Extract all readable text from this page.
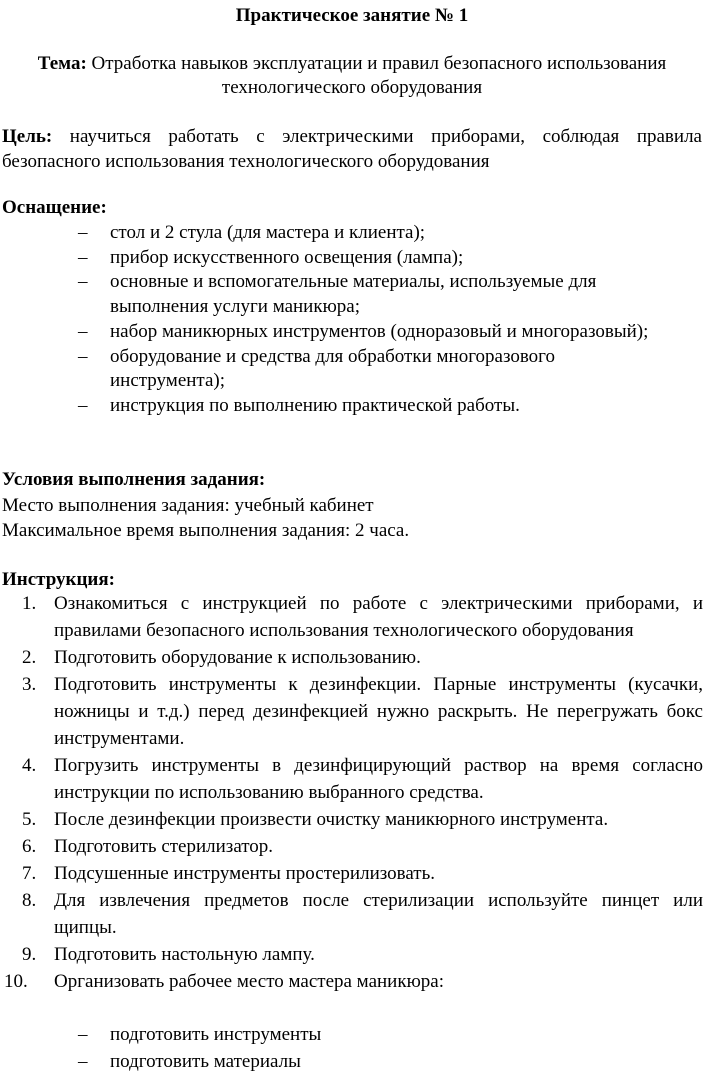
Практическое занятие № 1
Тема: Отработка навыков эксплуатации и правил безопасного использования технологического оборудования
Цель: научиться работать с электрическими приборами, соблюдая правила
безопасного использования технологического оборудования
Оснащение:
– стол и 2 стула (для мастера и клиента);
– прибор искусственного освещения (лампа);
– основные и вспомогательные материалы, используемые для выполнения услуги маникюра;
– набор маникюрных инструментов (одноразовый и многоразовый);
– оборудование и средства для обработки многоразового инструмента);
– инструкция по выполнению практической работы.
Условия выполнения задания:
Место выполнения задания: учебный кабинет
Максимальное время выполнения задания: 2 часа.
Инструкция:
1. Ознакомиться с инструкцией по работе с электрическими приборами, и правилами безопасного использования технологического оборудования
2. Подготовить оборудование к использованию.
3. Подготовить инструменты к дезинфекции. Парные инструменты (кусачки, ножницы и т.д.) перед дезинфекцией нужно раскрыть. Не перегружать бокс инструментами.
4. Погрузить инструменты в дезинфицирующий раствор на время согласно инструкции по использованию выбранного средства.
5. После дезинфекции произвести очистку маникюрного инструмента.
6. Подготовить стерилизатор.
7. Подсушенные инструменты простерилизовать.
8. Для извлечения предметов после стерилизации используйте пинцет или щипцы.
9. Подготовить настольную лампу.
10. Организовать рабочее место мастера маникюра:
– подготовить инструменты
– подготовить материалы
